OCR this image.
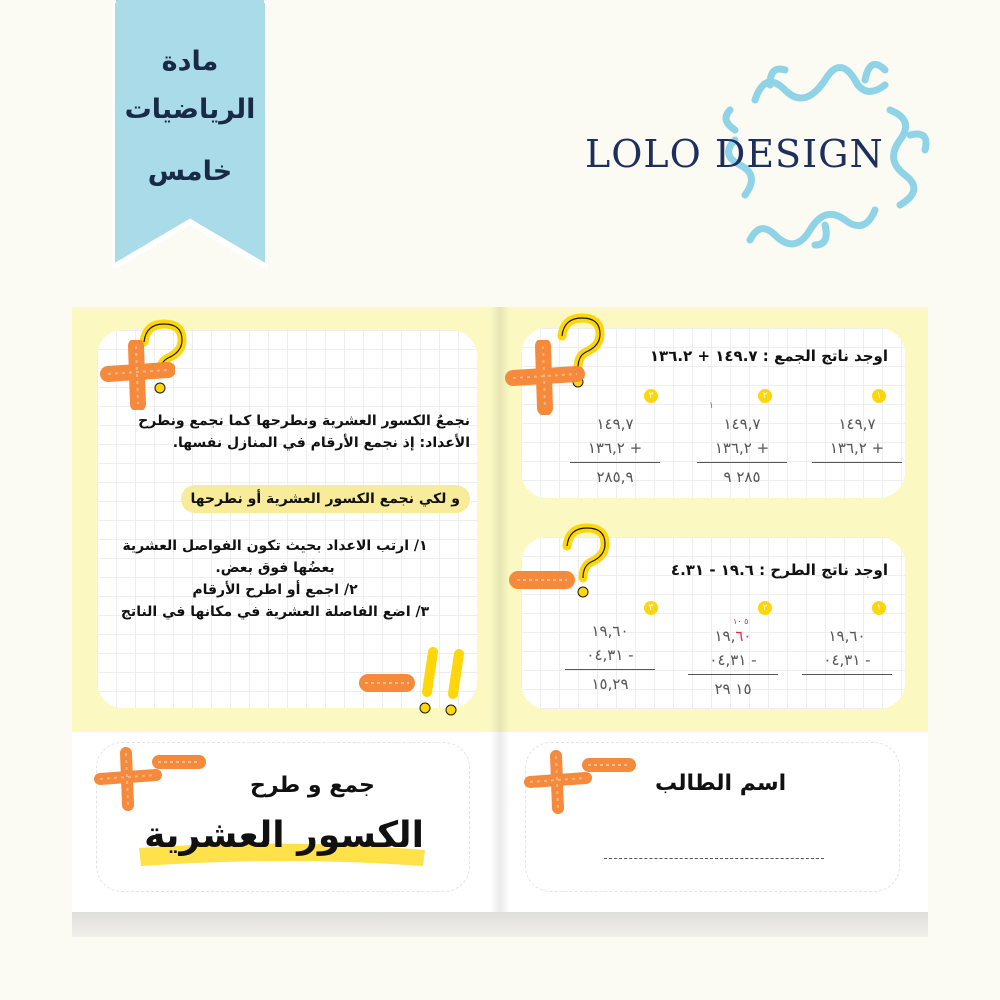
مادة
الرياضيات
خامس	LOLO DESIGN
نجمعُ الكسور العشرية ونطرحها كما نجمع ونطرح الأعداد: إذ نجمع الأرقام في المنازل نفسها.
و لكي نجمع الكسور العشرية أو نطرحها
١/ ارتب الاعداد بحيث تكون الفواصل العشرية بعضُها فوق بعض.
٢/ اجمع أو اطرح الأرقام
٣/ اضع الفاصلة العشرية في مكانها في الناتج
اوجد ناتج الجمع : ١٤٩.٧ + ١٣٦.٢
١
٢
٣
١٤٩,٧
١٣٦,٢ +
١
١٤٩,٧
١٣٦,٢ +
٢٨٥ ٩
١٤٩,٧
١٣٦,٢ +
٢٨٥,٩
اوجد ناتج الطرح : ١٩.٦ - ٤.٣١
١
٢
٣
١٩,٦٠
٠٤,٣١ -
٥ ١٠
١٩,٦٠
٠٤,٣١ -
١٥ ٢٩
١٩,٦٠
٠٤,٣١ -
١٥,٢٩
جمع و طرح
الكسور العشرية
اسم الطالب
